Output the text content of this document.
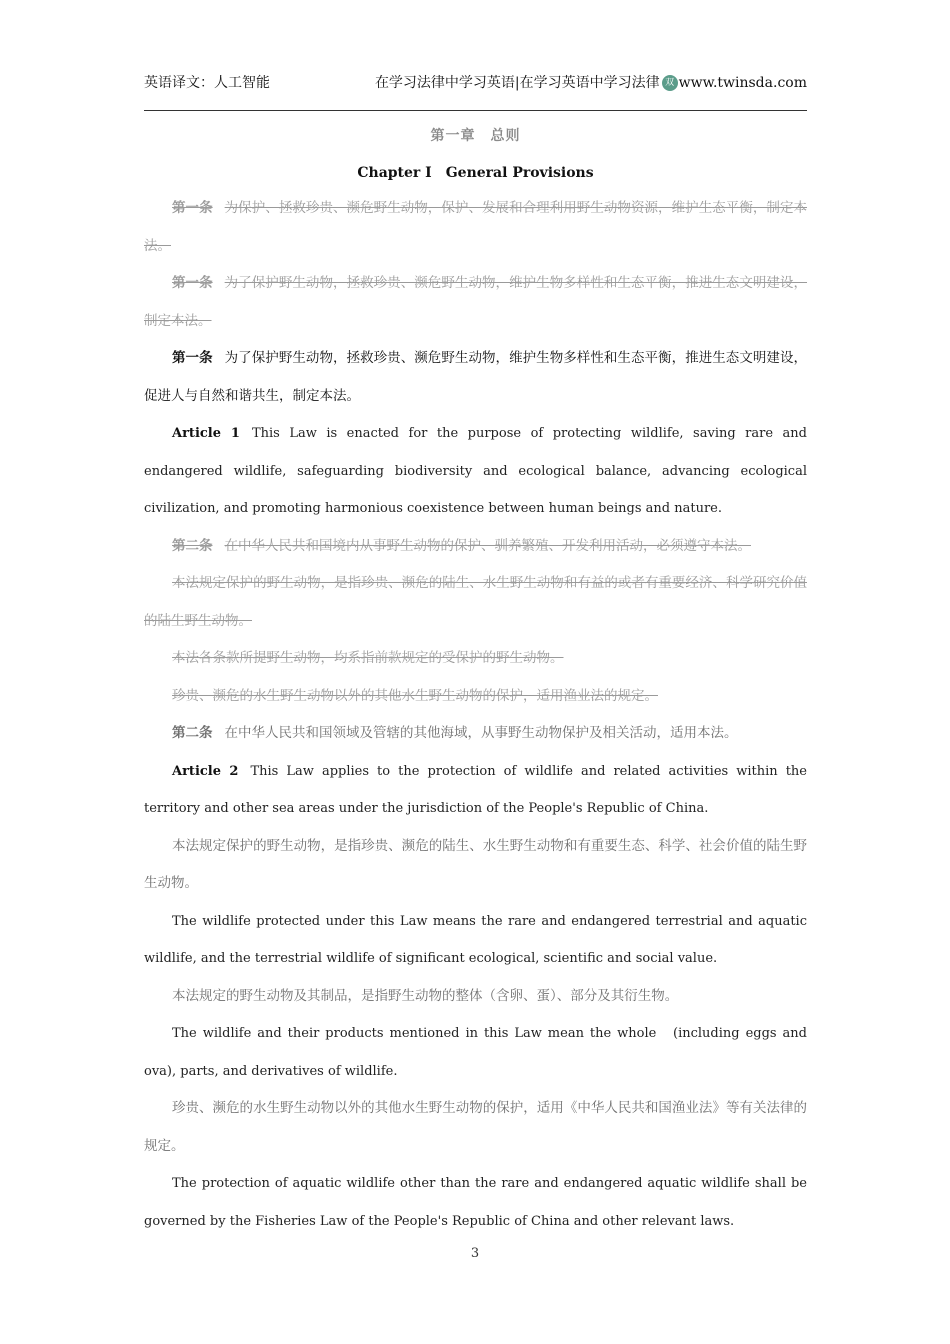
英语译文：人工智能	在学习法律中学习英语|在学习英语中学习法律 双 www.twinsda.com
第一章　总则
Chapter I　General Provisions

第一条 为保护、拯救珍贵、濒危野生动物，保护、发展和合理利用野生动物资源，维护生态平衡，制定本法。

第一条 为了保护野生动物，拯救珍贵、濒危野生动物，维护生物多样性和生态平衡，推进生态文明建设，制定本法。

第一条 为了保护野生动物，拯救珍贵、濒危野生动物，维护生物多样性和生态平衡，推进生态文明建设，促进人与自然和谐共生，制定本法。

Article 1 This Law is enacted for the purpose of protecting wildlife, saving rare and endangered wildlife, safeguarding biodiversity and ecological balance, advancing ecological civilization, and promoting harmonious coexistence between human beings and nature.

第二条 在中华人民共和国境内从事野生动物的保护、驯养繁殖、开发利用活动，必须遵守本法。

本法规定保护的野生动物，是指珍贵、濒危的陆生、水生野生动物和有益的或者有重要经济、科学研究价值的陆生野生动物。

本法各条款所提野生动物，均系指前款规定的受保护的野生动物。

珍贵、濒危的水生野生动物以外的其他水生野生动物的保护，适用渔业法的规定。

第二条 在中华人民共和国领域及管辖的其他海域，从事野生动物保护及相关活动，适用本法。

Article 2 This Law applies to the protection of wildlife and related activities within the territory and other sea areas under the jurisdiction of the People's Republic of China.

本法规定保护的野生动物，是指珍贵、濒危的陆生、水生野生动物和有重要生态、科学、社会价值的陆生野生动物。

The wildlife protected under this Law means the rare and endangered terrestrial and aquatic wildlife, and the terrestrial wildlife of significant ecological, scientific and social value.

本法规定的野生动物及其制品，是指野生动物的整体（含卵、蛋）、部分及其衍生物。

The wildlife and their products mentioned in this Law mean the whole　(including eggs and ova), parts, and derivatives of wildlife.

珍贵、濒危的水生野生动物以外的其他水生野生动物的保护，适用《中华人民共和国渔业法》等有关法律的规定。

The protection of aquatic wildlife other than the rare and endangered aquatic wildlife shall be governed by the Fisheries Law of the People's Republic of China and other relevant laws.

3
